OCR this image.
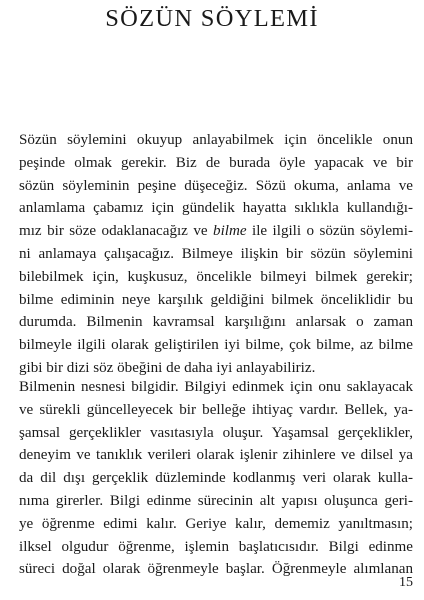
SÖZÜN SÖYLEMİ
Sözün söylemini okuyup anlayabilmek için öncelikle onun
peşinde olmak gerekir. Biz de burada öyle yapacak ve bir
sözün söyleminin peşine düşeceğiz. Sözü okuma, anlama ve
anlamlama çabamız için gündelik hayatta sıklıkla kullandığı-
mız bir söze odaklanacağız ve bilme ile ilgili o sözün söylemi-
ni anlamaya çalışacağız. Bilmeye ilişkin bir sözün söylemini
bilebilmek için, kuşkusuz, öncelikle bilmeyi bilmek gerekir;
bilme ediminin neye karşılık geldiğini bilmek önceliklidir bu
durumda. Bilmenin kavramsal karşılığını anlarsak o zaman
bilmeyle ilgili olarak geliştirilen iyi bilme, çok bilme, az bilme
gibi bir dizi söz öbeğini de daha iyi anlayabiliriz.
Bilmenin nesnesi bilgidir. Bilgiyi edinmek için onu saklayacak
ve sürekli güncelleyecek bir belleğe ihtiyaç vardır. Bellek, ya-
şamsal gerçeklikler vasıtasıyla oluşur. Yaşamsal gerçeklikler,
deneyim ve tanıklık verileri olarak işlenir zihinlere ve dilsel ya
da dil dışı gerçeklik düzleminde kodlanmış veri olarak kulla-
nıma girerler. Bilgi edinme sürecinin alt yapısı oluşunca geri-
ye öğrenme edimi kalır. Geriye kalır, dememiz yanıltmasın;
ilksel olgudur öğrenme, işlemin başlatıcısıdır. Bilgi edinme
süreci doğal olarak öğrenmeyle başlar. Öğrenmeyle alımlanan
15
